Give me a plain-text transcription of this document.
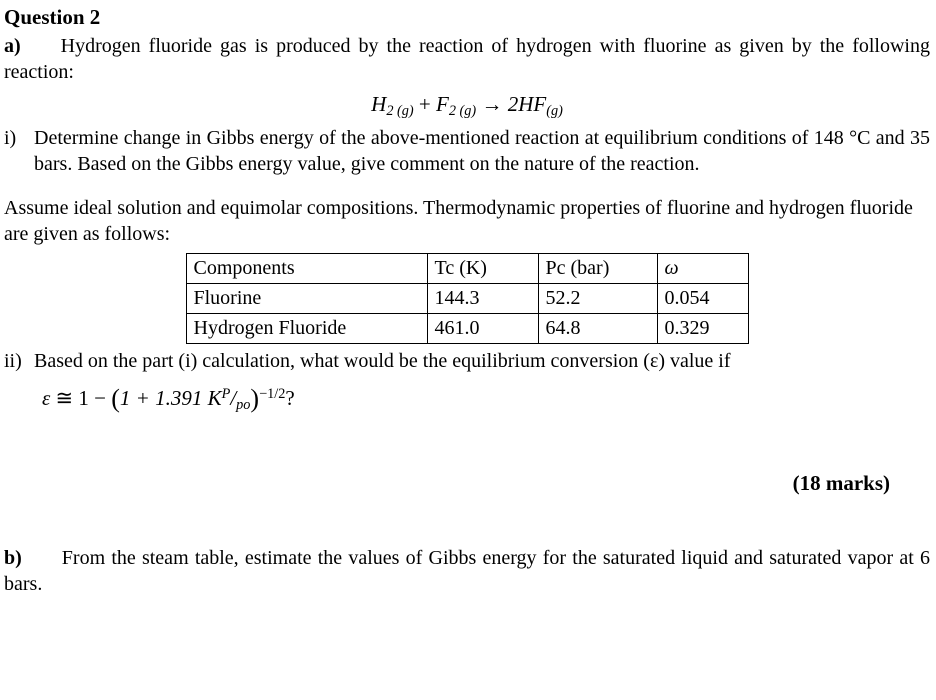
Question 2
a) Hydrogen fluoride gas is produced by the reaction of hydrogen with fluorine as given by the following reaction:
$H_{2 (g)} + F_{2 (g)} \to 2HF_{(g)}$
i) Determine change in Gibbs energy of the above-mentioned reaction at equilibrium conditions of 148 °C and 35 bars. Based on the Gibbs energy value, give comment on the nature of the reaction.
Assume ideal solution and equimolar compositions. Thermodynamic properties of fluorine and hydrogen fluoride are given as follows:
Components	Tc (K)	Pc (bar)	ω
Fluorine	144.3	52.2	0.054
Hydrogen Fluoride	461.0	64.8	0.329
ii) Based on the part (i) calculation, what would be the equilibrium conversion (ε) value if
ε ≅ 1 − (1 + 1.391 $K^P/_{po})^{-1/2}$?
(18 marks)
b) From the steam table, estimate the values of Gibbs energy for the saturated liquid and saturated vapor at 6 bars.
